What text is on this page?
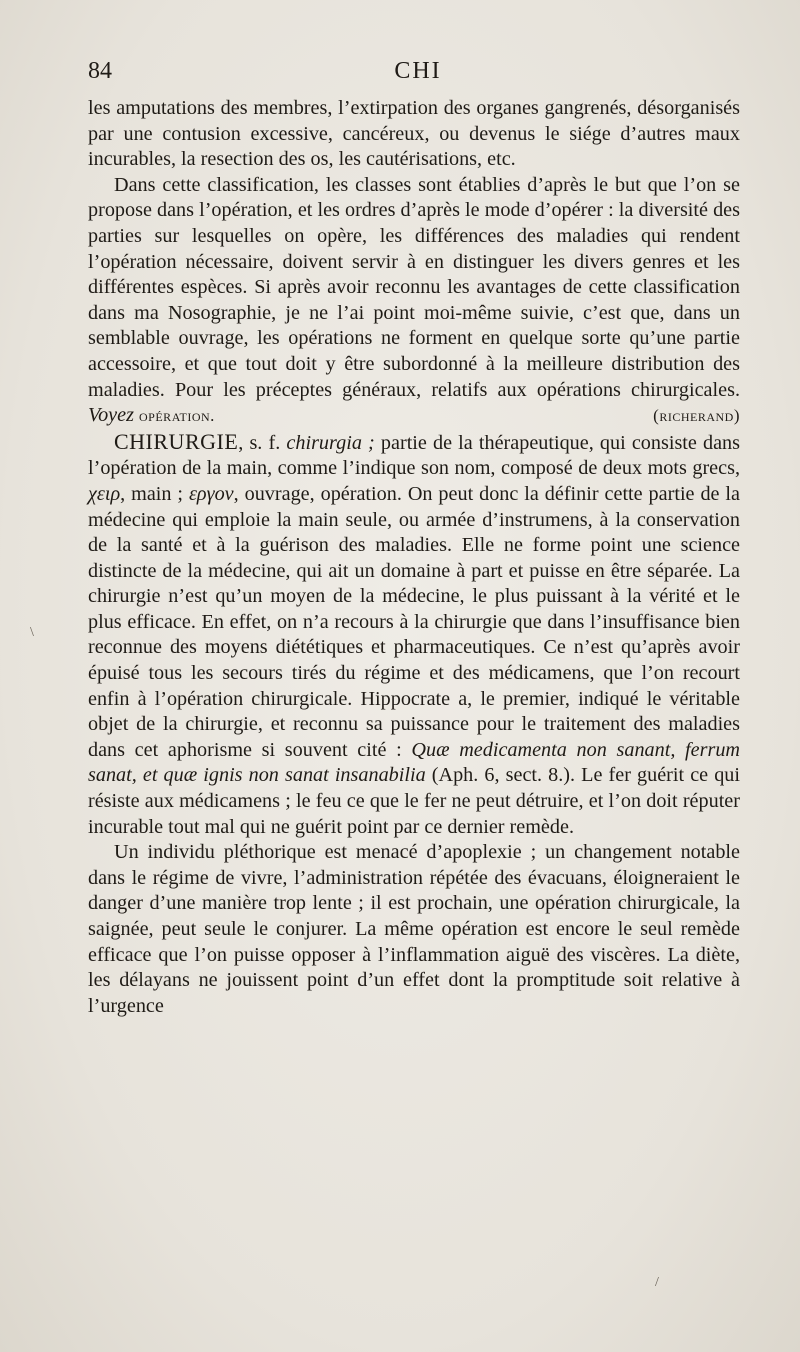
84	CHI

les amputations des membres, l’extirpation des organes gangrenés, désorganisés par une contusion excessive, cancéreux, ou devenus le siége d’autres maux incurables, la resection des os, les cautérisations, etc.

Dans cette classification, les classes sont établies d’après le but que l’on se propose dans l’opération, et les ordres d’après le mode d’opérer : la diversité des parties sur lesquelles on opère, les différences des maladies qui rendent l’opération nécessaire, doivent servir à en distinguer les divers genres et les différentes espèces. Si après avoir reconnu les avantages de cette classification dans ma Nosographie, je ne l’ai point moi-même suivie, c’est que, dans un semblable ouvrage, les opérations ne forment en quelque sorte qu’une partie accessoire, et que tout doit y être subordonné à la meilleure distribution des maladies. Pour les préceptes généraux, relatifs aux opérations chirurgicales. Voyez opération.	(richerand)

CHIRURGIE, s. f. chirurgia ; partie de la thérapeutique, qui consiste dans l’opération de la main, comme l’indique son nom, composé de deux mots grecs, χειρ, main ; εργον, ouvrage, opération. On peut donc la définir cette partie de la médecine qui emploie la main seule, ou armée d’instrumens, à la conservation de la santé et à la guérison des maladies. Elle ne forme point une science distincte de la médecine, qui ait un domaine à part et puisse en être séparée. La chirurgie n’est qu’un moyen de la médecine, le plus puissant à la vérité et le plus efficace. En effet, on n’a recours à la chirurgie que dans l’insuffisance bien reconnue des moyens diététiques et pharmaceutiques. Ce n’est qu’après avoir épuisé tous les secours tirés du régime et des médicamens, que l’on recourt enfin à l’opération chirurgicale. Hippocrate a, le premier, indiqué le véritable objet de la chirurgie, et reconnu sa puissance pour le traitement des maladies dans cet aphorisme si souvent cité : Quæ medicamenta non sanant, ferrum sanat, et quæ ignis non sanat insanabilia (Aph. 6, sect. 8.). Le fer guérit ce qui résiste aux médicamens ; le feu ce que le fer ne peut détruire, et l’on doit réputer incurable tout mal qui ne guérit point par ce dernier remède.

Un individu pléthorique est menacé d’apoplexie ; un changement notable dans le régime de vivre, l’administration répétée des évacuans, éloigneraient le danger d’une manière trop lente ; il est prochain, une opération chirurgicale, la saignée, peut seule le conjurer. La même opération est encore le seul remède efficace que l’on puisse opposer à l’inflammation aiguë des viscères. La diète, les délayans ne jouissent point d’un effet dont la promptitude soit relative à l’urgence

\
/
